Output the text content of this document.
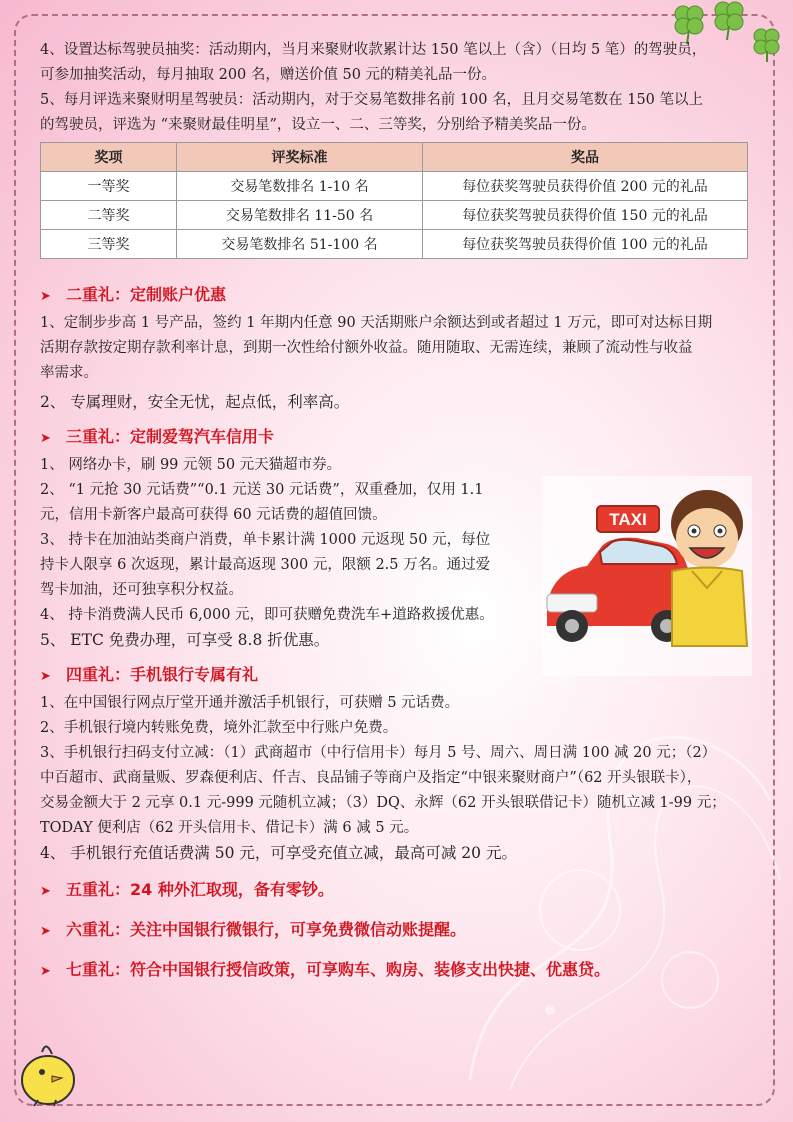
4、设置达标驾驶员抽奖：活动期内，当月来聚财收款累计达 150 笔以上（含）（日均 5 笔）的驾驶员，

可参加抽奖活动，每月抽取 200 名，赠送价值 50 元的精美礼品一份。

5、每月评选来聚财明星驾驶员：活动期内，对于交易笔数排名前 100 名，且月交易笔数在 150 笔以上

的驾驶员，评选为 “来聚财最佳明星”，设立一、二、三等奖，分别给予精美奖品一份。

奖项	评奖标准	奖品
一等奖	交易笔数排名 1-10 名	每位获奖驾驶员获得价值 200 元的礼品
二等奖	交易笔数排名 11-50 名	每位获奖驾驶员获得价值 150 元的礼品
三等奖	交易笔数排名 51-100 名	每位获奖驾驶员获得价值 100 元的礼品

➤ 二重礼：定制账户优惠

1、定制步步高 1 号产品，签约 1 年期内任意 90 天活期账户余额达到或者超过 1 万元，即可对达标日期

活期存款按定期存款利率计息，到期一次性给付额外收益。随用随取、无需连续，兼顾了流动性与收益

率需求。

2、 专属理财，安全无忧，起点低，利率高。

➤ 三重礼：定制爱驾汽车信用卡

1、 网络办卡，刷 99 元领 50 元天猫超市券。

2、 “1 元抢 30 元话费”“0.1 元送 30 元话费”，双重叠加，仅用 1.1

元，信用卡新客户最高可获得 60 元话费的超值回馈。

3、 持卡在加油站类商户消费，单卡累计满 1000 元返现 50 元，每位

持卡人限享 6 次返现，累计最高返现 300 元，限额 2.5 万名。通过爱

驾卡加油，还可独享积分权益。

4、 持卡消费满人民币 6,000 元，即可获赠免费洗车+道路救援优惠。

5、 ETC 免费办理，可享受 8.8 折优惠。

➤ 四重礼：手机银行专属有礼

1、在中国银行网点厅堂开通并激活手机银行，可获赠 5 元话费。

2、手机银行境内转账免费，境外汇款至中行账户免费。

3、手机银行扫码支付立减：（1）武商超市（中行信用卡）每月 5 号、周六、周日满 100 减 20 元；（2）

中百超市、武商量贩、罗森便利店、仟吉、良品铺子等商户及指定“中银来聚财商户”（62 开头银联卡），

交易金额大于 2 元享 0.1 元-999 元随机立减；（3）DQ、永辉（62 开头银联借记卡）随机立减 1-99 元；

TODAY 便利店（62 开头信用卡、借记卡）满 6 减 5 元。

4、 手机银行充值话费满 50 元，可享受充值立减，最高可减 20 元。

➤ 五重礼：24 种外汇取现，备有零钞。

➤ 六重礼：关注中国银行微银行，可享免费微信动账提醒。

➤ 七重礼：符合中国银行授信政策，可享购车、购房、装修支出快捷、优惠贷。

TAXI
